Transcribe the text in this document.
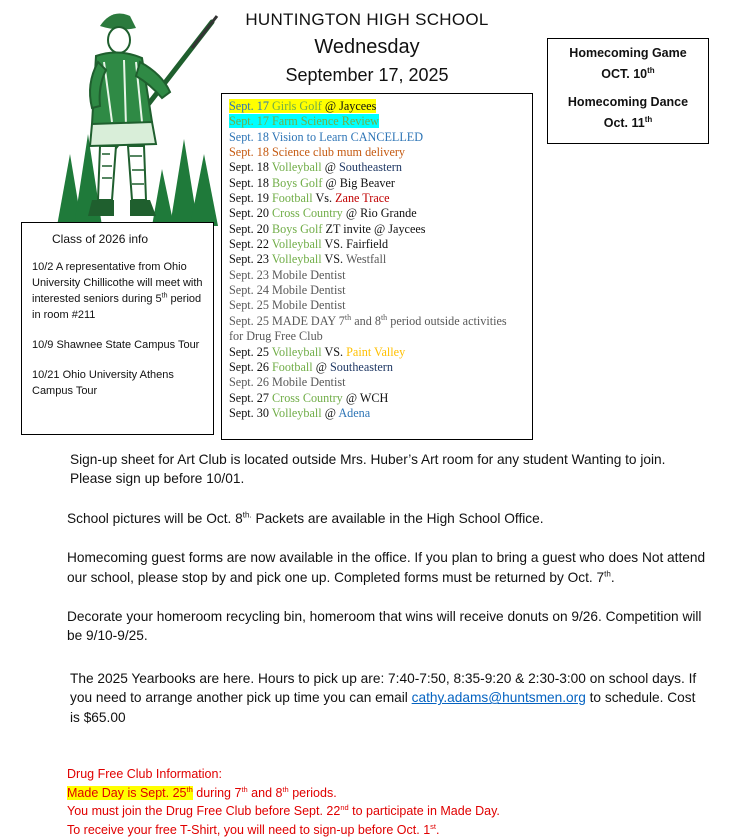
HUNTINGTON HIGH SCHOOL
Wednesday
September 17, 2025
Homecoming Game
OCT. 10th
Homecoming Dance
Oct. 11th
Sept. 17 Girls Golf @ Jaycees
Sept. 17 Farm Science Review
Sept. 18 Vision to Learn CANCELLED
Sept. 18 Science club mum delivery
Sept. 18 Volleyball @ Southeastern
Sept. 18 Boys Golf @ Big Beaver
Sept. 19 Football Vs. Zane Trace
Sept. 20 Cross Country @ Rio Grande
Sept. 20 Boys Golf ZT invite @ Jaycees
Sept. 22 Volleyball VS. Fairfield
Sept. 23 Volleyball VS. Westfall
Sept. 23 Mobile Dentist
Sept. 24 Mobile Dentist
Sept. 25 Mobile Dentist
Sept. 25 MADE DAY 7th and 8th period outside activities for Drug Free Club
Sept. 25 Volleyball VS. Paint Valley
Sept. 26 Football @ Southeastern
Sept. 26 Mobile Dentist
Sept. 27 Cross Country @ WCH
Sept. 30 Volleyball @ Adena
Class of 2026 info

10/2 A representative from Ohio University Chillicothe will meet with interested seniors during 5th period in room #211

10/9 Shawnee State Campus Tour

10/21 Ohio University Athens Campus Tour

Sign-up sheet for Art Club is located outside Mrs. Huber’s Art room for any student Wanting to join. Please sign up before 10/01.

School pictures will be Oct. $8^{th.}$ Packets are available in the High School Office.

Homecoming guest forms are now available in the office. If you plan to bring a guest who does Not attend our school, please stop by and pick one up. Completed forms must be returned by Oct. 7th.

Decorate your homeroom recycling bin, homeroom that wins will receive donuts on 9/26. Competition will be 9/10-9/25.

The 2025 Yearbooks are here. Hours to pick up are: 7:40-7:50, 8:35-9:20 & 2:30-3:00 on school days. If you need to arrange another pick up time you can email cathy.adams@huntsmen.org to schedule. Cost is $65.00

Drug Free Club Information:
Made Day is Sept. 25th during 7th and 8th periods.
You must join the Drug Free Club before Sept. 22nd to participate in Made Day.
To receive your free T-Shirt, you will need to sign-up before Oct. 1st.
